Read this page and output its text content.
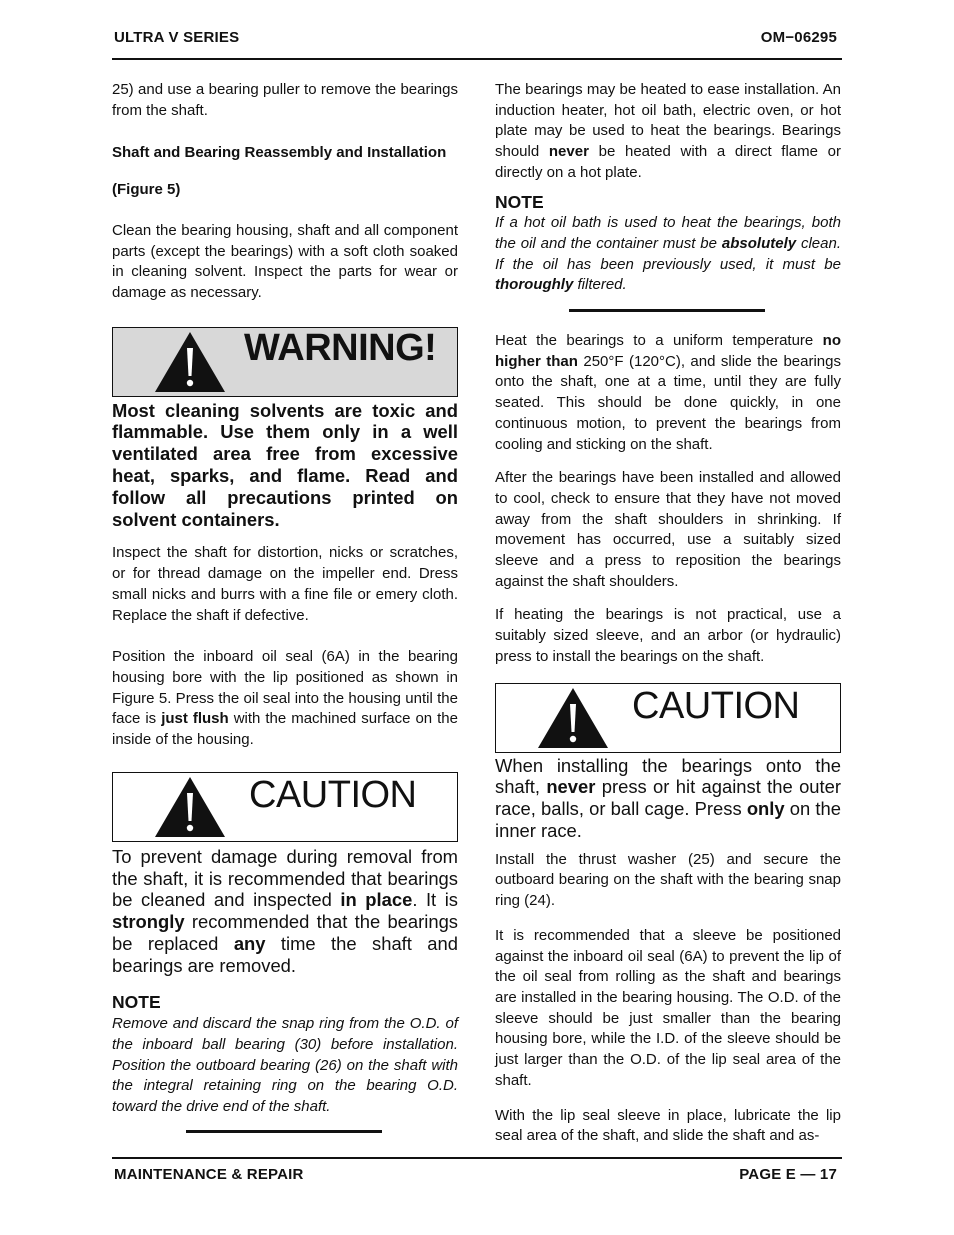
ULTRA V SERIES	OM−06295

25) and use a bearing puller to remove the bearings from the shaft.

Shaft and Bearing Reassembly and Installation

(Figure 5)

Clean the bearing housing, shaft and all component parts (except the bearings) with a soft cloth soaked in cleaning solvent. Inspect the parts for wear or damage as necessary.

WARNING!

Most cleaning solvents are toxic and flammable. Use them only in a well ventilated area free from excessive heat, sparks, and flame. Read and follow all precautions printed on solvent containers.

Inspect the shaft for distortion, nicks or scratches, or for thread damage on the impeller end. Dress small nicks and burrs with a fine file or emery cloth. Replace the shaft if defective.

Position the inboard oil seal (6A) in the bearing housing bore with the lip positioned as shown in Figure 5. Press the oil seal into the housing until the face is just flush with the machined surface on the inside of the housing.

CAUTION

To prevent damage during removal from the shaft, it is recommended that bearings be cleaned and inspected in place. It is strongly recommended that the bearings be replaced any time the shaft and bearings are removed.

NOTE

Remove and discard the snap ring from the O.D. of the inboard ball bearing (30) before installation. Position the outboard bearing (26) on the shaft with the integral retaining ring on the bearing O.D. toward the drive end of the shaft.

The bearings may be heated to ease installation. An induction heater, hot oil bath, electric oven, or hot plate may be used to heat the bearings. Bearings should never be heated with a direct flame or directly on a hot plate.

NOTE

If a hot oil bath is used to heat the bearings, both the oil and the container must be absolutely clean. If the oil has been previously used, it must be thoroughly filtered.

Heat the bearings to a uniform temperature no higher than 250°F (120°C), and slide the bearings onto the shaft, one at a time, until they are fully seated. This should be done quickly, in one continuous motion, to prevent the bearings from cooling and sticking on the shaft.

After the bearings have been installed and allowed to cool, check to ensure that they have not moved away from the shaft shoulders in shrinking. If movement has occurred, use a suitably sized sleeve and a press to reposition the bearings against the shaft shoulders.

If heating the bearings is not practical, use a suitably sized sleeve, and an arbor (or hydraulic) press to install the bearings on the shaft.

CAUTION

When installing the bearings onto the shaft, never press or hit against the outer race, balls, or ball cage. Press only on the inner race.

Install the thrust washer (25) and secure the outboard bearing on the shaft with the bearing snap ring (24).

It is recommended that a sleeve be positioned against the inboard oil seal (6A) to prevent the lip of the oil seal from rolling as the shaft and bearings are installed in the bearing housing. The O.D. of the sleeve should be just smaller than the bearing housing bore, while the I.D. of the sleeve should be just larger than the O.D. of the lip seal area of the shaft.

With the lip seal sleeve in place, lubricate the lip seal area of the shaft, and slide the shaft and as-

MAINTENANCE & REPAIR	PAGE E — 17
